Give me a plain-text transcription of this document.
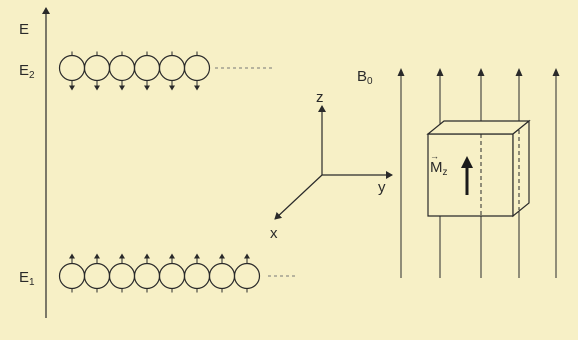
E
$E_2$
$E_1$
z
y
x
$B_0$
→
$M_z$
